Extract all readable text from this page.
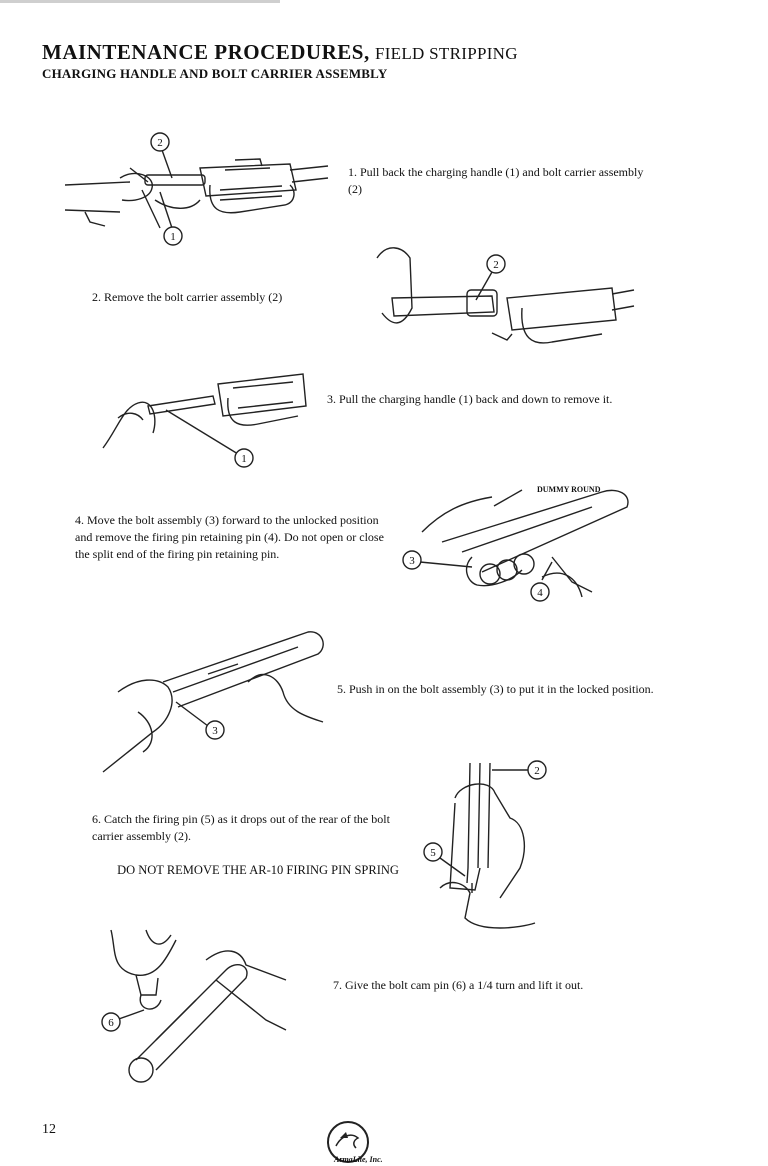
MAINTENANCE PROCEDURES, FIELD STRIPPING
CHARGING HANDLE AND BOLT CARRIER ASSEMBLY
2
1
1. Pull back the charging handle (1) and bolt carrier assembly (2)
2. Remove the bolt carrier assembly (2)
2
1
3. Pull the charging handle (1) back and down to remove it.
4. Move the bolt assembly (3) forward to the unlocked position and remove the firing pin retaining pin (4). Do not open or close the split end of the firing pin retaining pin.
DUMMY ROUND
3
4
3
5. Push in on the bolt assembly (3) to put it in the locked position.
6. Catch the firing pin (5) as it drops out of the rear of the bolt carrier assembly (2).
2
5
DO NOT REMOVE THE AR-10 FIRING PIN SPRING
6
7. Give the bolt cam pin (6) a 1/4 turn and lift it out.
12
ArmaLite, Inc.
